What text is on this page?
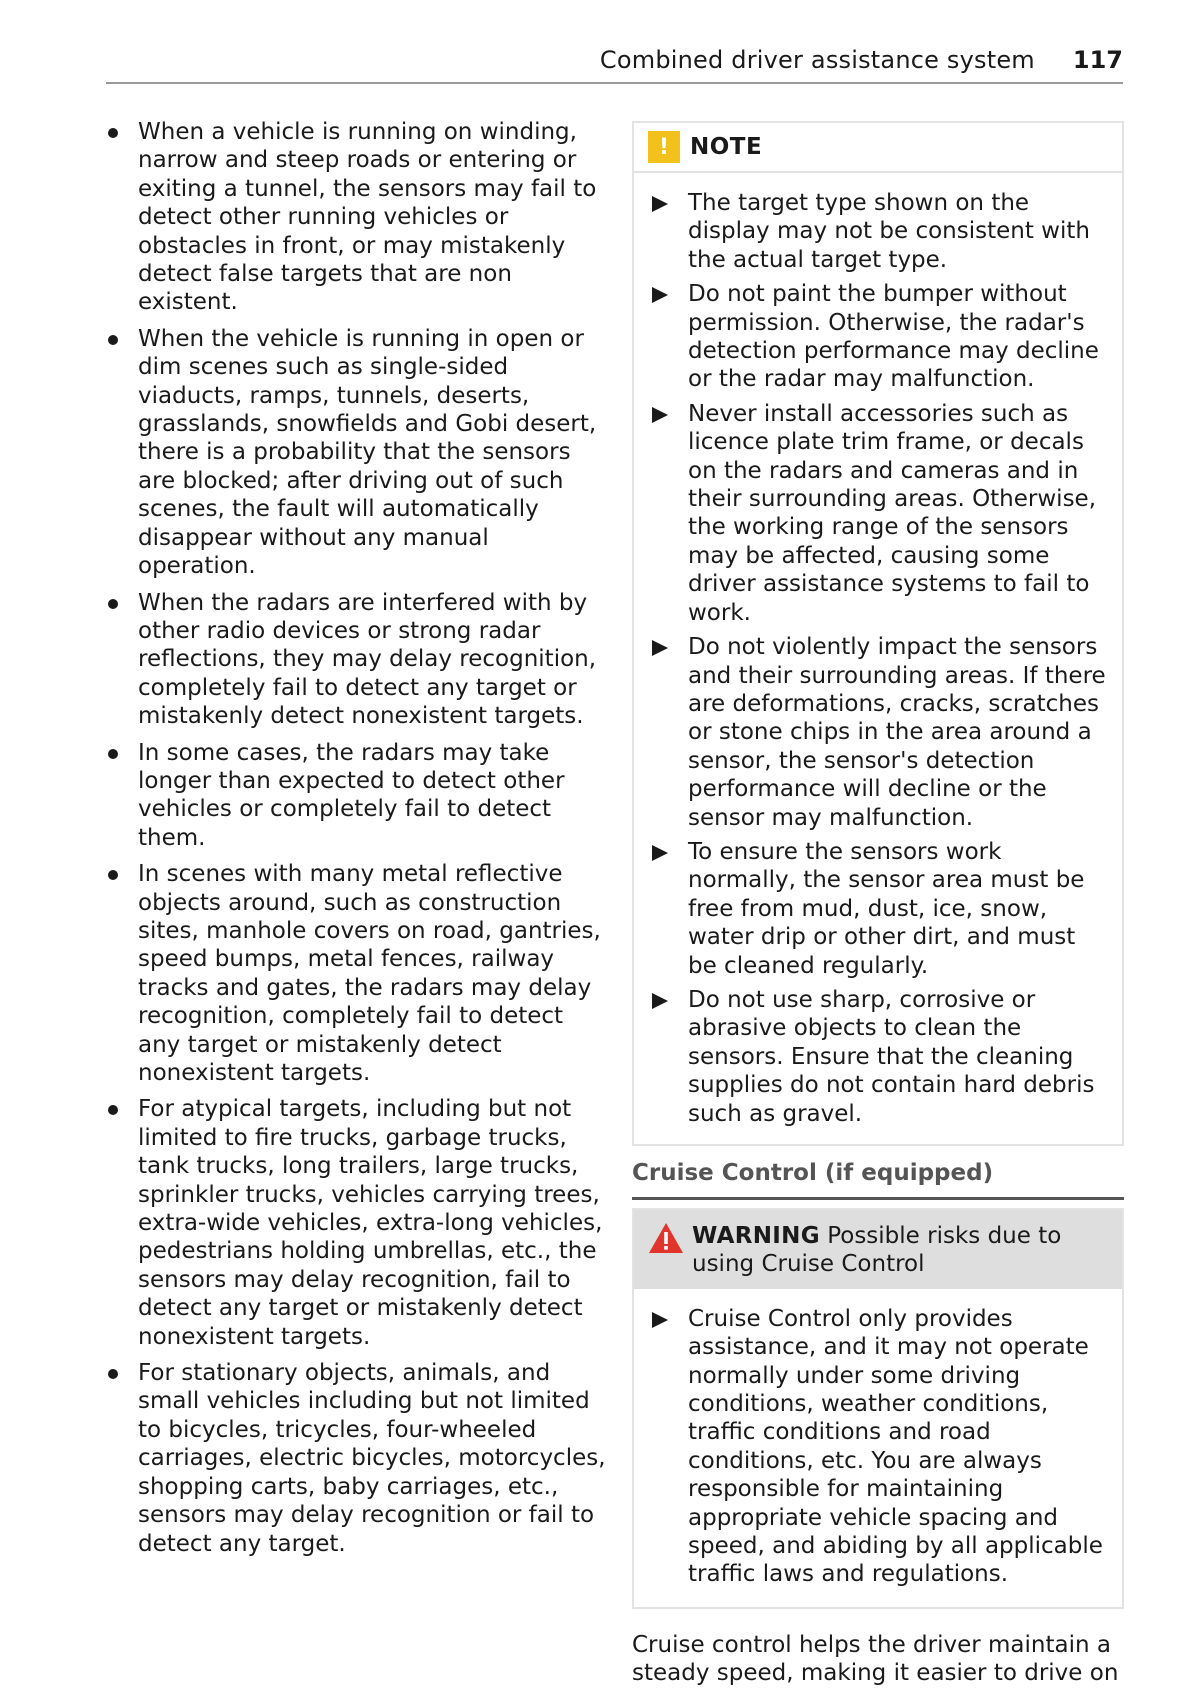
Combined driver assistance system 117
When a vehicle is running on winding, narrow and steep roads or entering or exiting a tunnel, the sensors may fail to detect other running vehicles or obstacles in front, or may mistakenly detect false targets that are non existent.
When the vehicle is running in open or dim scenes such as single-sided viaducts, ramps, tunnels, deserts, grasslands, snowfields and Gobi desert, there is a probability that the sensors are blocked; after driving out of such scenes, the fault will automatically disappear without any manual operation.
When the radars are interfered with by other radio devices or strong radar reflections, they may delay recognition, completely fail to detect any target or mistakenly detect nonexistent targets.
In some cases, the radars may take longer than expected to detect other vehicles or completely fail to detect them.
In scenes with many metal reflective objects around, such as construction sites, manhole covers on road, gantries, speed bumps, metal fences, railway tracks and gates, the radars may delay recognition, completely fail to detect any target or mistakenly detect nonexistent targets.
For atypical targets, including but not limited to fire trucks, garbage trucks, tank trucks, long trailers, large trucks, sprinkler trucks, vehicles carrying trees, extra-wide vehicles, extra-long vehicles, pedestrians holding umbrellas, etc., the sensors may delay recognition, fail to detect any target or mistakenly detect nonexistent targets.
For stationary objects, animals, and small vehicles including but not limited to bicycles, tricycles, four-wheeled carriages, electric bicycles, motorcycles, shopping carts, baby carriages, etc., sensors may delay recognition or fail to detect any target.
! NOTE
The target type shown on the display may not be consistent with the actual target type.
Do not paint the bumper without permission. Otherwise, the radar's detection performance may decline or the radar may malfunction.
Never install accessories such as licence plate trim frame, or decals on the radars and cameras and in their surrounding areas. Otherwise, the working range of the sensors may be affected, causing some driver assistance systems to fail to work.
Do not violently impact the sensors and their surrounding areas. If there are deformations, cracks, scratches or stone chips in the area around a sensor, the sensor's detection performance will decline or the sensor may malfunction.
To ensure the sensors work normally, the sensor area must be free from mud, dust, ice, snow, water drip or other dirt, and must be cleaned regularly.
Do not use sharp, corrosive or abrasive objects to clean the sensors. Ensure that the cleaning supplies do not contain hard debris such as gravel.
Cruise Control (if equipped)
WARNING Possible risks due to using Cruise Control
Cruise Control only provides assistance, and it may not operate normally under some driving conditions, weather conditions, traffic conditions and road conditions, etc. You are always responsible for maintaining appropriate vehicle spacing and speed, and abiding by all applicable traffic laws and regulations.

Cruise control helps the driver maintain a steady speed, making it easier to drive on
